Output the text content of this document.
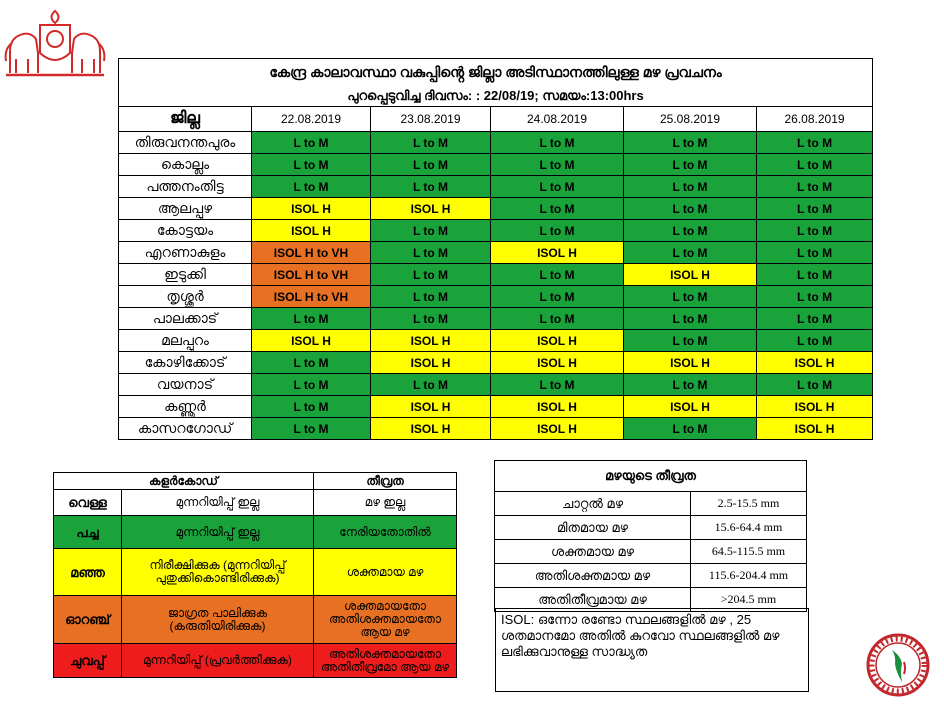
കേന്ദ്ര കാലാവസ്ഥാ വകുപ്പിൻ്റെ ജില്ലാ അടിസ്ഥാനത്തിലുള്ള മഴ പ്രവചനം					
പുറപ്പെടുവിച്ച ദിവസം: : 22/08/19; സമയം:13:00hrs					
ജില്ല	22.08.2019	23.08.2019	24.08.2019	25.08.2019	26.08.2019
തിരുവനന്തപുരം	L to M	L to M	L to M	L to M	L to M
കൊല്ലം	L to M	L to M	L to M	L to M	L to M
പത്തനംതിട്ട	L to M	L to M	L to M	L to M	L to M
ആലപ്പുഴ	ISOL H	ISOL H	L to M	L to M	L to M
കോട്ടയം	ISOL H	L to M	L to M	L to M	L to M
എറണാകുളം	ISOL H to VH	L to M	ISOL H	L to M	L to M
ഇടുക്കി	ISOL H to VH	L to M	L to M	ISOL H	L to M
തൃശ്ശൂർ	ISOL H to VH	L to M	L to M	L to M	L to M
പാലക്കാട്	L to M	L to M	L to M	L to M	L to M
മലപ്പുറം	ISOL H	ISOL H	ISOL H	L to M	L to M
കോഴിക്കോട്	L to M	ISOL H	ISOL H	ISOL H	ISOL H
വയനാട്	L to M	L to M	L to M	L to M	L to M
കണ്ണൂർ	L to M	ISOL H	ISOL H	ISOL H	ISOL H
കാസറഗോഡ്	L to M	ISOL H	ISOL H	L to M	ISOL H
കളർകോഡ്		തീവ്രത
വെള്ള	മുന്നറിയിപ്പ് ഇല്ല	മഴ ഇല്ല
പച്ച	മുന്നറിയിപ്പ് ഇല്ല	നേരിയതോതിൽ
മഞ്ഞ	നിരീക്ഷിക്കുക (മുന്നറിയിപ്പ് പുതുക്കികൊണ്ടിരിക്കുക)	ശക്തമായ മഴ
ഓറഞ്ച്	ജാഗ്രത പാലിക്കുക (കരുതിയിരിക്കുക)	ശക്തമായതോ അതിശക്തമായതോ ആയ മഴ
ചുവപ്പ്	മുന്നറിയിപ്പ് (പ്രവർത്തിക്കുക)	അതിശക്തമായതോ അതിതീവ്രമോ ആയ മഴ
മഴയുടെ തീവ്രത	
ചാറ്റൽ മഴ	2.5-15.5 mm
മിതമായ മഴ	15.6-64.4 mm
ശക്തമായ മഴ	64.5-115.5 mm
അതിശക്തമായ മഴ	115.6-204.4 mm
അതിതീവ്രമായ മഴ	>204.5 mm
ISOL: ഒന്നോ രണ്ടോ സ്ഥലങ്ങളിൽ മഴ , 25 ശതമാനമോ അതിൽ കുറവോ സ്ഥലങ്ങളിൽ മഴ ലഭിക്കുവാനുള്ള സാദ്ധ്യത
